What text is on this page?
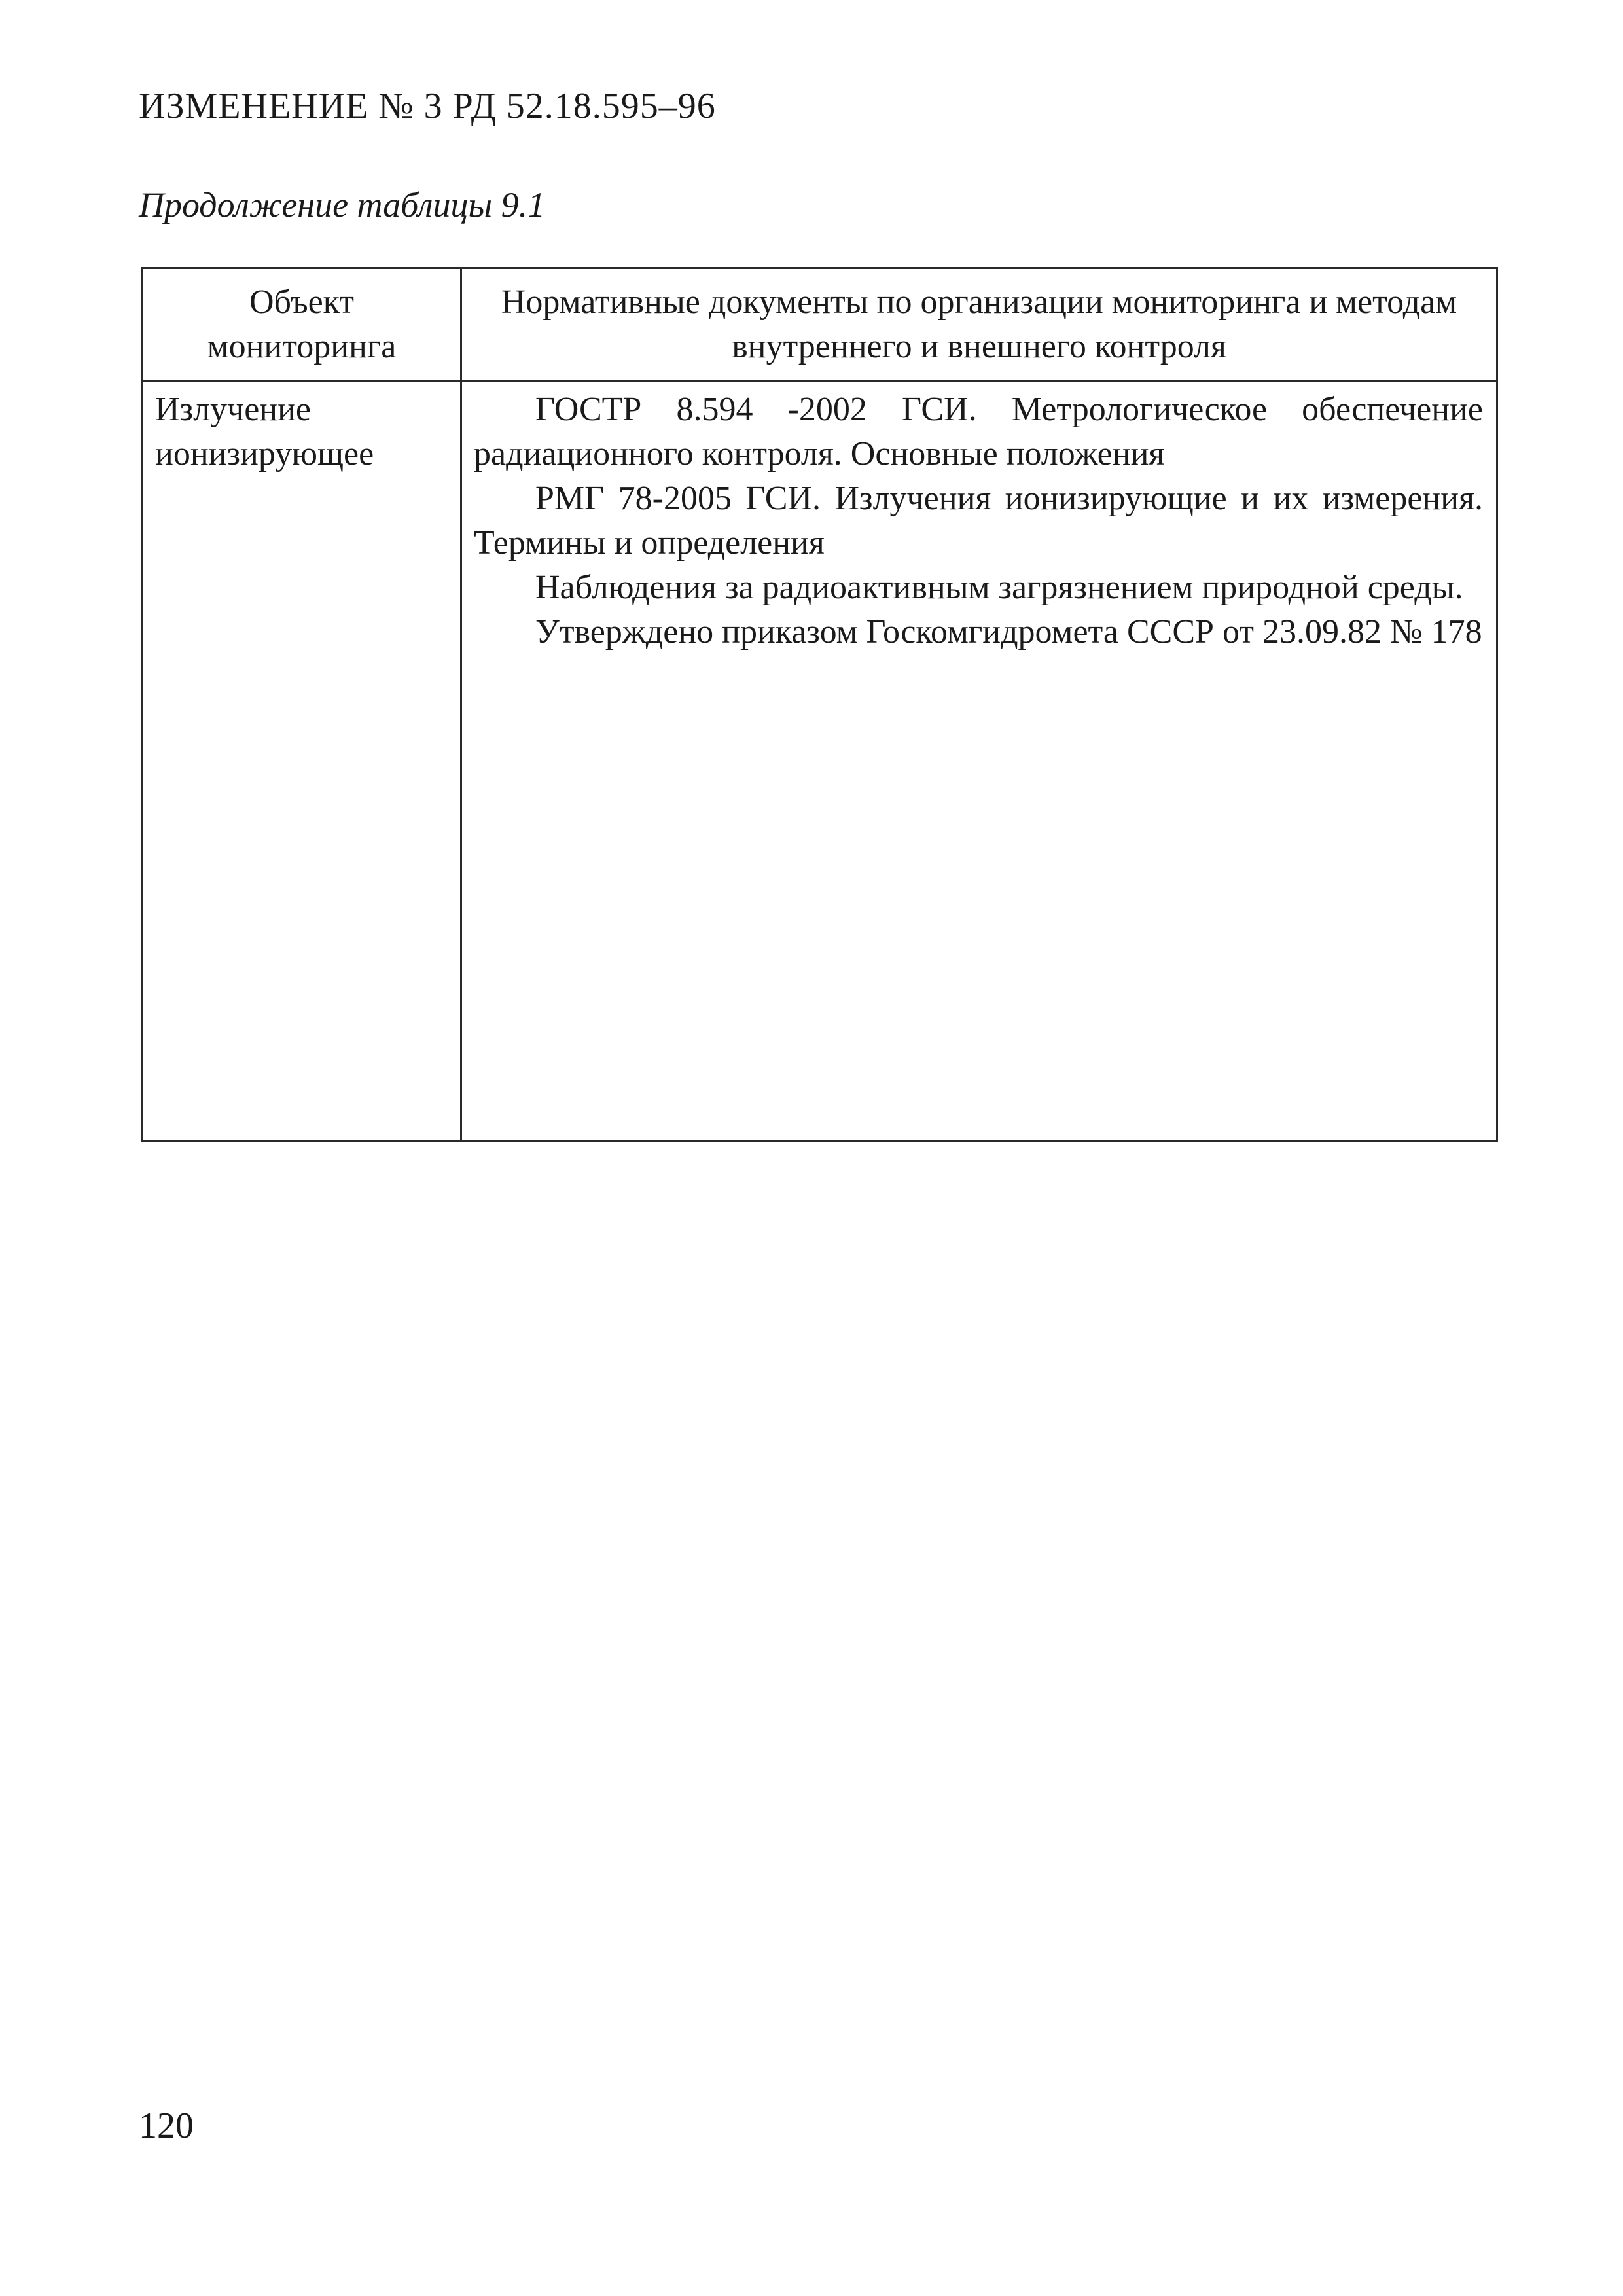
ИЗМЕНЕНИЕ № 3 РД 52.18.595–96
Продолжение таблицы 9.1
Объект мониторинга	Нормативные документы по организации мониторинга и методам внутреннего и внешнего контроля
Излучение ионизирующее	ГОСТР 8.594 -2002 ГСИ. Метрологическое обеспечение радиационного контроля. Основные положения

РМГ 78-2005 ГСИ. Излучения ионизирующие и их измерения. Термины и определения

Наблюдения за радиоактивным загрязнением природной среды.

Утверждено приказом Госкомгидромета СССР от 23.09.82 № 178

120
